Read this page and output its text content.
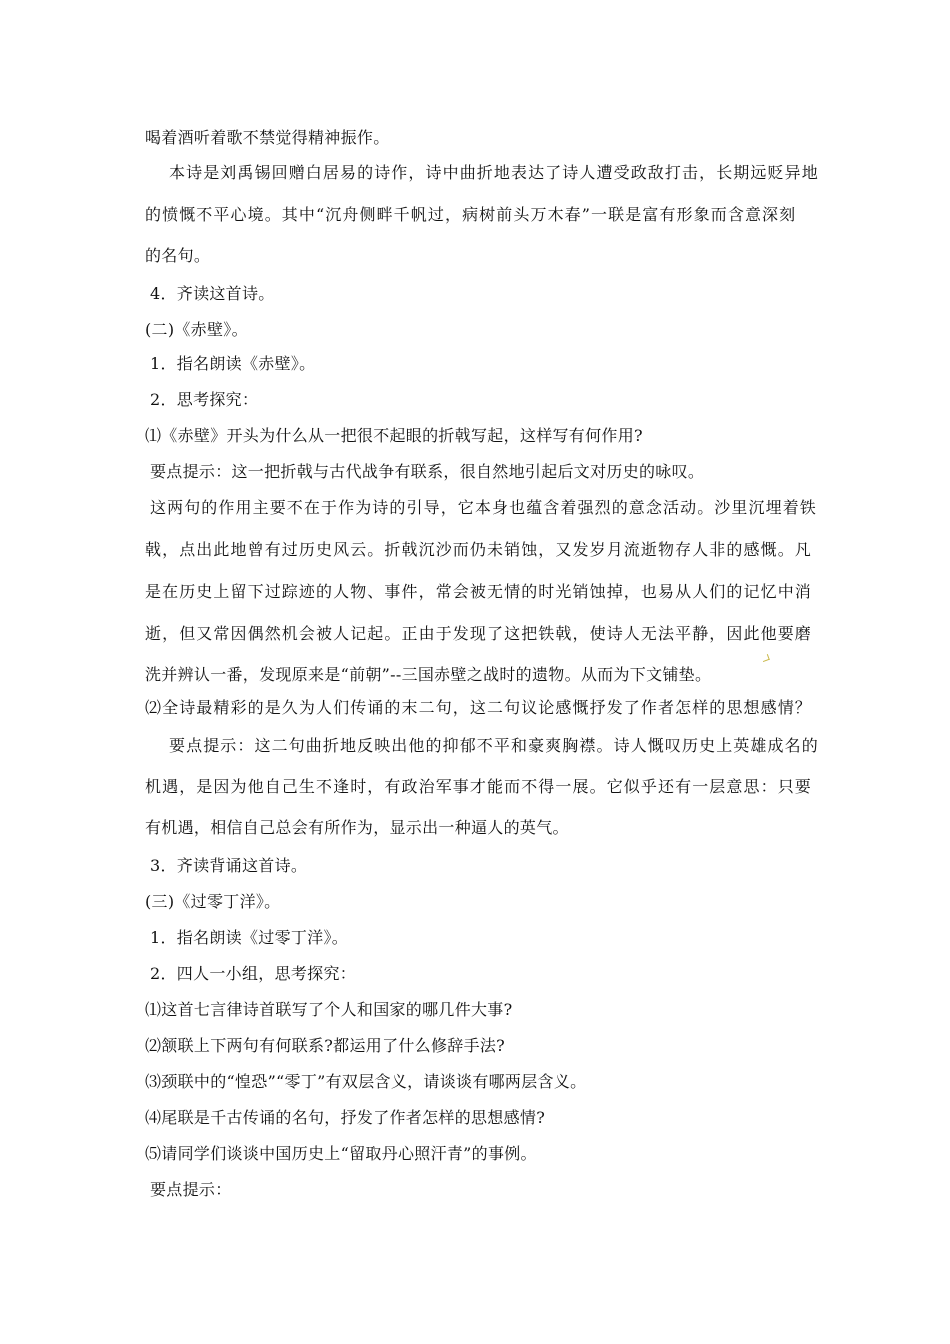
喝着酒听着歌不禁觉得精神振作。
本诗是刘禹锡回赠白居易的诗作，诗中曲折地表达了诗人遭受政敌打击，长期远贬异地
的愤慨不平心境。其中“沉舟侧畔千帆过，病树前头万木春”一联是富有形象而含意深刻
的名句。
4．齐读这首诗。
(二)《赤壁》。
1．指名朗读《赤壁》。
2．思考探究：
⑴《赤壁》开头为什么从一把很不起眼的折戟写起，这样写有何作用?
要点提示：这一把折戟与古代战争有联系，很自然地引起后文对历史的咏叹。
这两句的作用主要不在于作为诗的引导，它本身也蕴含着强烈的意念活动。沙里沉埋着铁
戟，点出此地曾有过历史风云。折戟沉沙而仍未销蚀，又发岁月流逝物存人非的感慨。凡
是在历史上留下过踪迹的人物、事件，常会被无情的时光销蚀掉，也易从人们的记忆中消
逝，但又常因偶然机会被人记起。正由于发现了这把铁戟，使诗人无法平静，因此他要磨
洗并辨认一番，发现原来是“前朝”--三国赤壁之战时的遗物。从而为下文铺垫。
⑵全诗最精彩的是久为人们传诵的末二句，这二句议论感慨抒发了作者怎样的思想感情？
要点提示：这二句曲折地反映出他的抑郁不平和豪爽胸襟。诗人慨叹历史上英雄成名的
机遇，是因为他自己生不逢时，有政治军事才能而不得一展。它似乎还有一层意思：只要
有机遇，相信自己总会有所作为，显示出一种逼人的英气。
3．齐读背诵这首诗。
(三)《过零丁洋》。
1．指名朗读《过零丁洋》。
2．四人一小组，思考探究：
⑴这首七言律诗首联写了个人和国家的哪几件大事?
⑵颔联上下两句有何联系?都运用了什么修辞手法?
⑶颈联中的“惶恐”“零丁”有双层含义，请谈谈有哪两层含义。
⑷尾联是千古传诵的名句，抒发了作者怎样的思想感情?
⑸请同学们谈谈中国历史上“留取丹心照汗青”的事例。
要点提示：
